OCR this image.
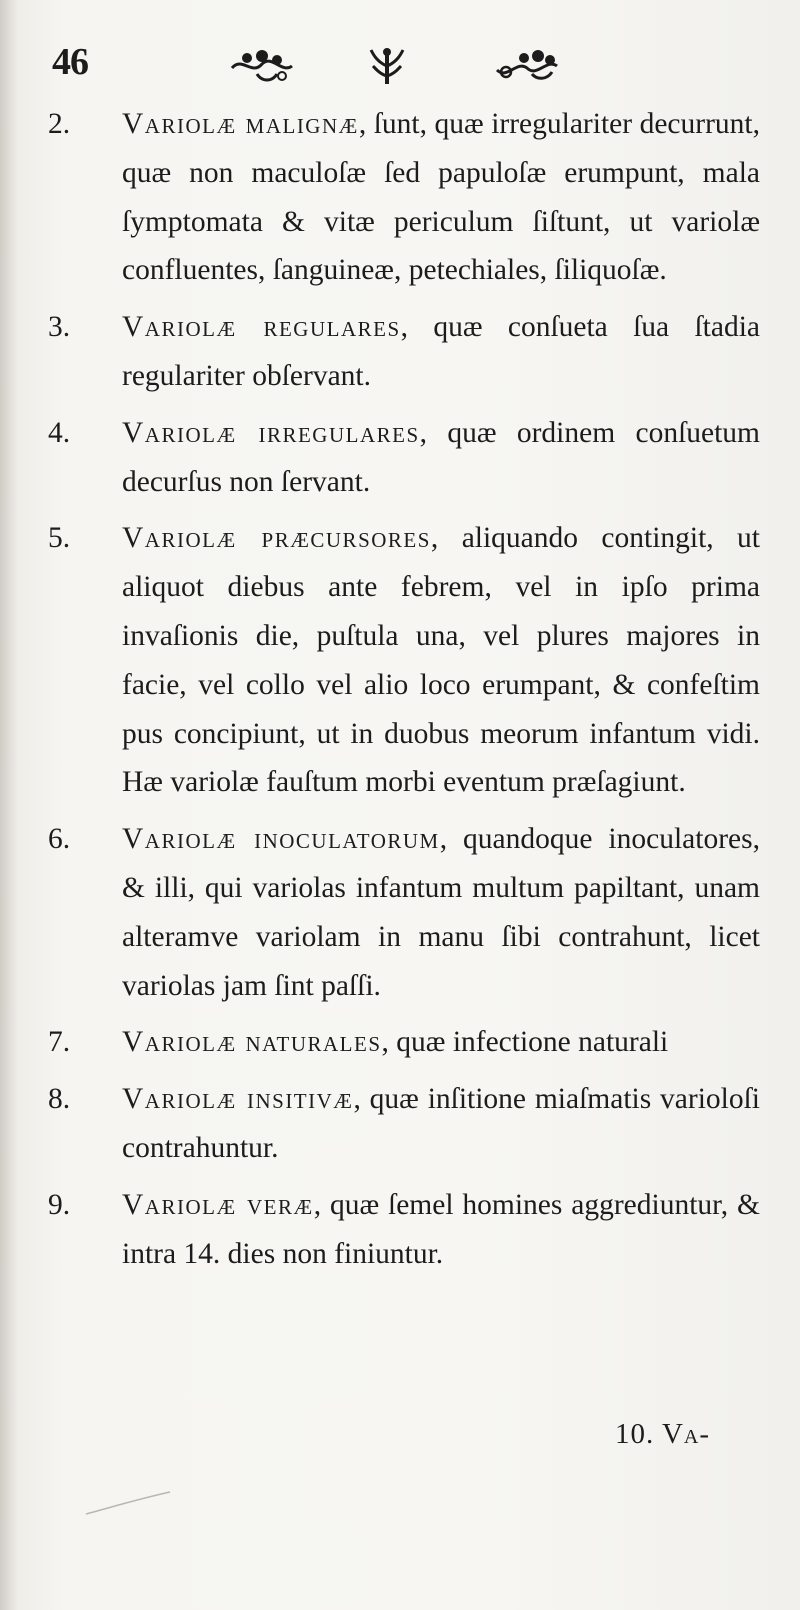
46
2. Variolæ malignæ, ſunt, quæ irregulariter decurrunt, quæ non maculoſæ ſed papuloſæ erumpunt, mala ſymptomata & vitæ periculum ſiſtunt, ut variolæ confluentes, ſanguineæ, petechiales, ſiliquoſæ.

3. Variolæ regulares, quæ conſueta ſua ſtadia regulariter obſervant.

4. Variolæ irregulares, quæ ordinem conſuetum decurſus non ſervant.

5. Variolæ præcursores, aliquando contingit, ut aliquot diebus ante febrem, vel in ipſo prima invaſionis die, puſtula una, vel plures majores in facie, vel collo vel alio loco erumpant, & confeſtim pus concipiunt, ut in duobus meorum infantum vidi. Hæ variolæ fauſtum morbi eventum præſagiunt.

6. Variolæ inoculatorum, quandoque inoculatores, & illi, qui variolas infantum multum papiltant, unam alteramve variolam in manu ſibi contrahunt, licet variolas jam ſint paſſi.

7. Variolæ naturales, quæ infectione naturali

8. Variolæ insitivæ, quæ inſitione miaſmatis varioloſi contrahuntur.

9. Variolæ veræ, quæ ſemel homines aggrediuntur, & intra 14. dies non finiuntur.

10. Va-
